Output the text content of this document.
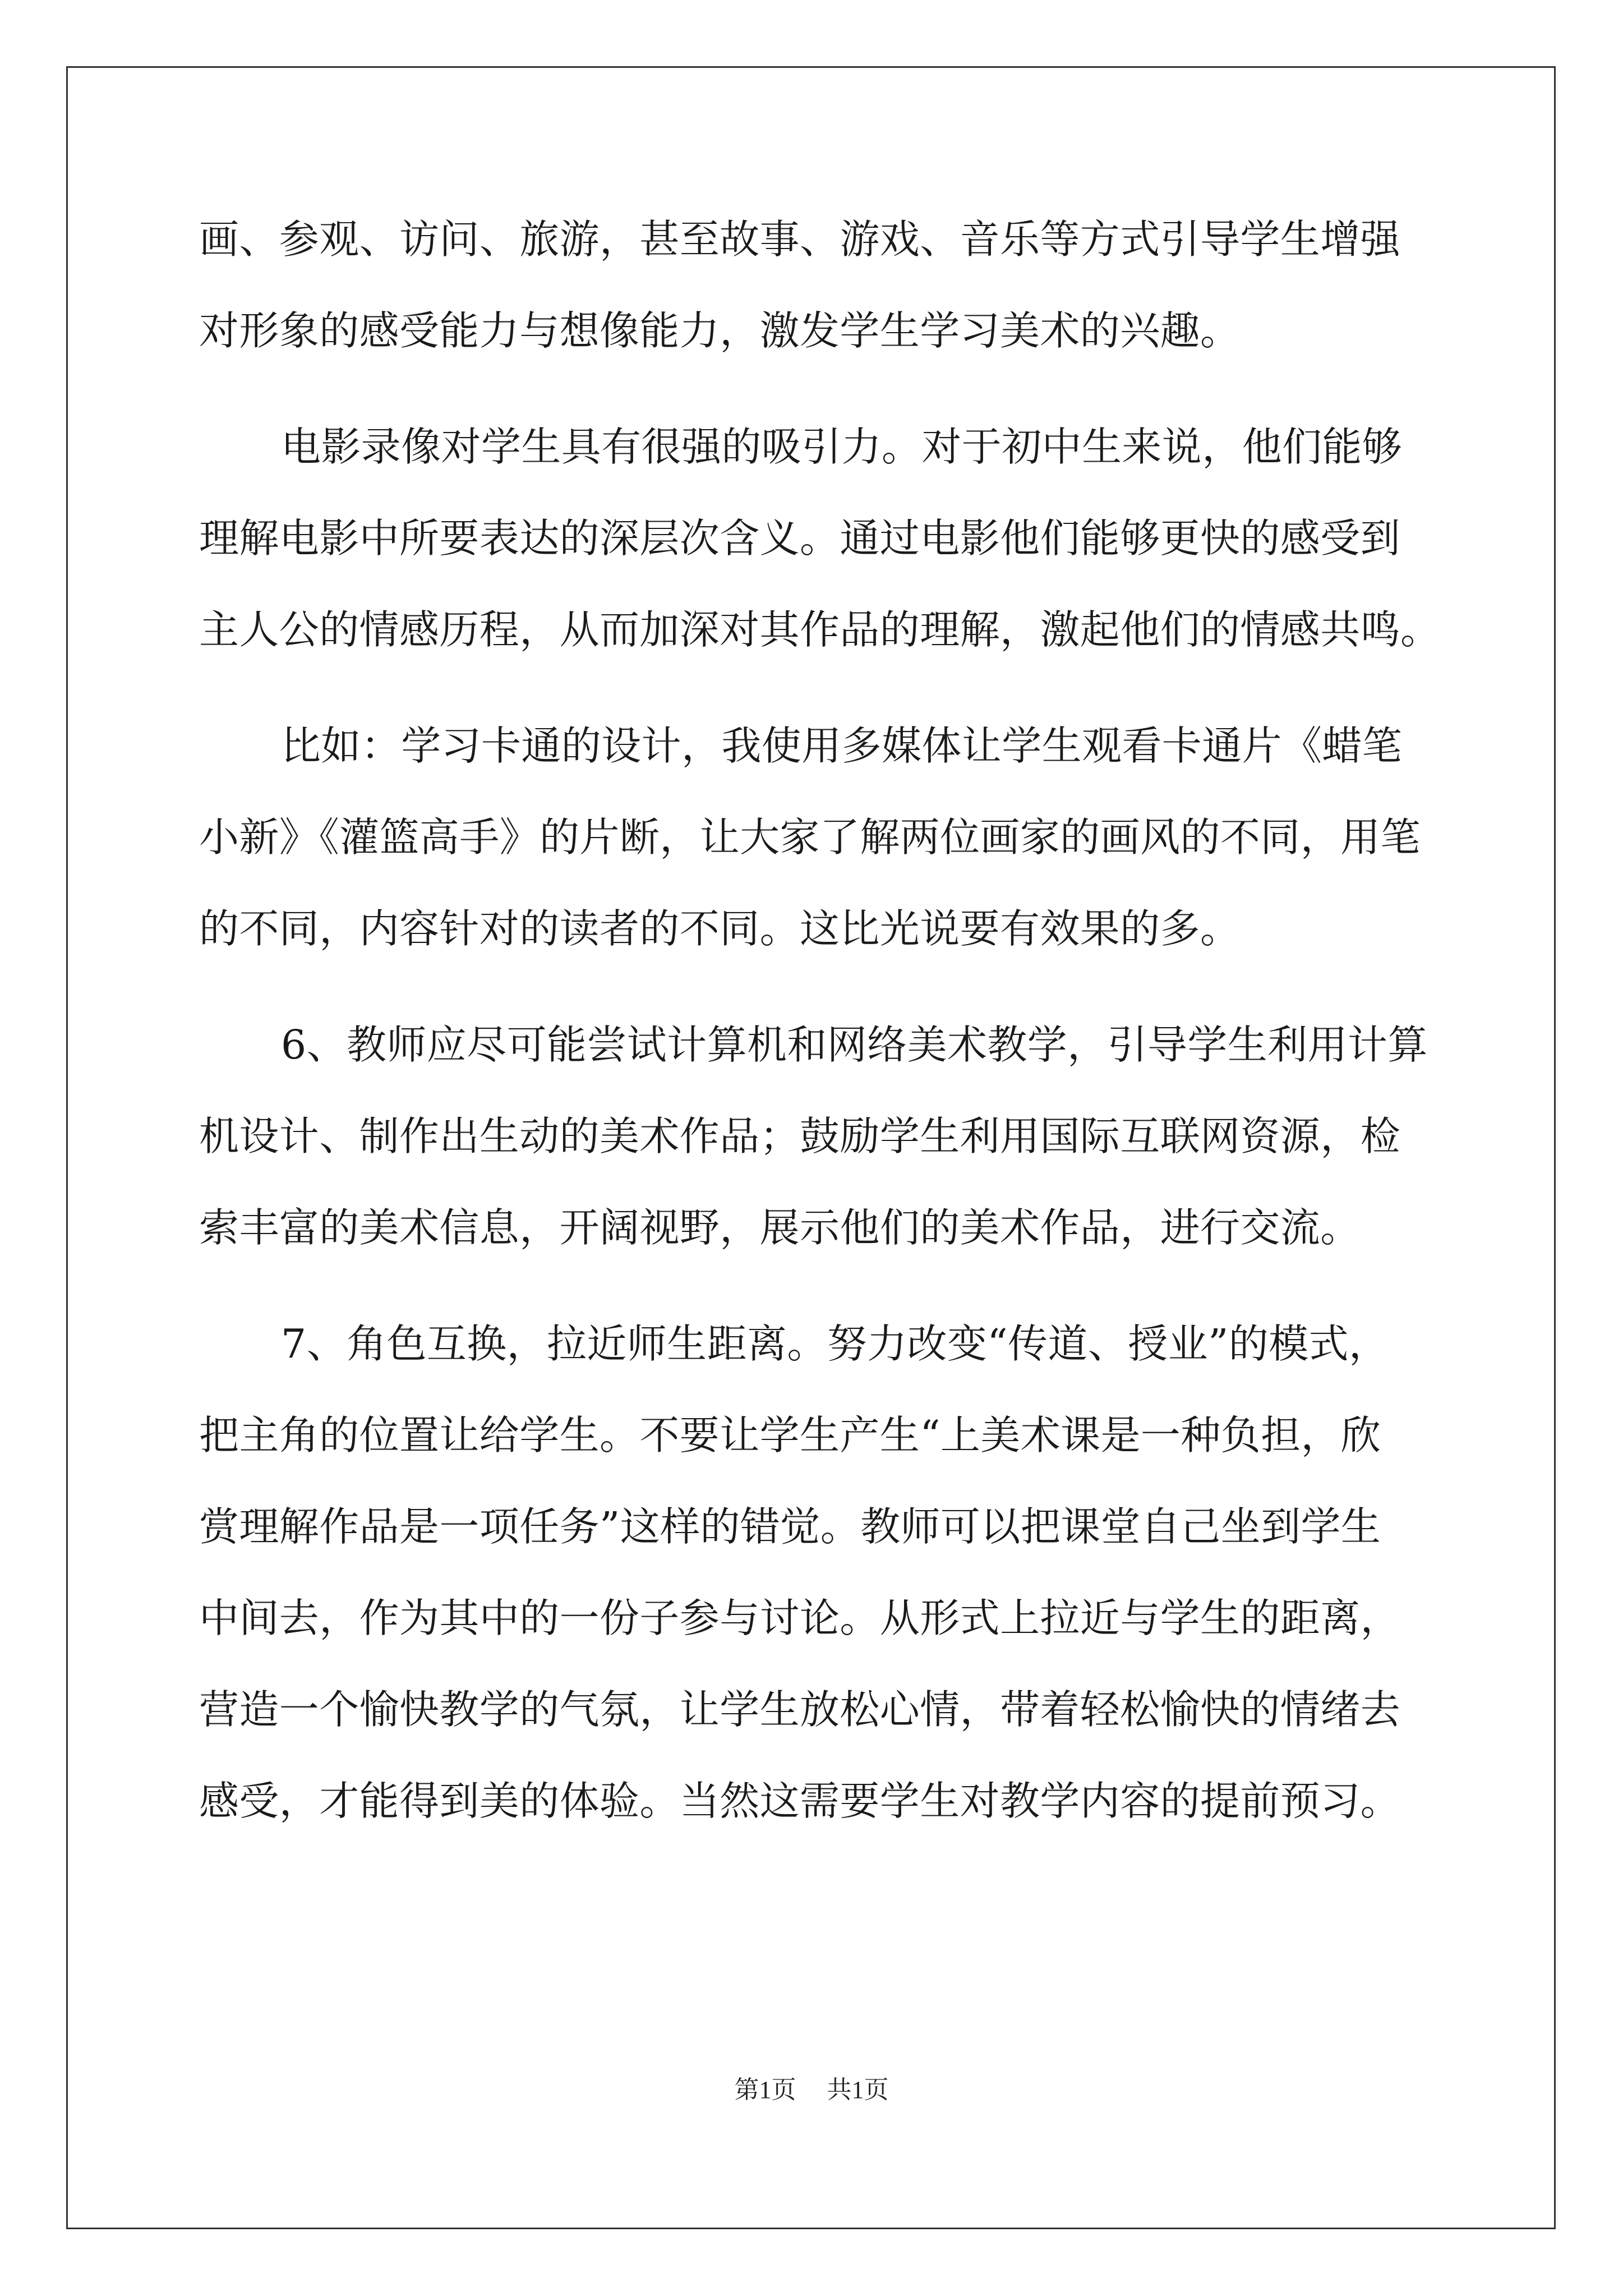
画、参观、访问、旅游，甚至故事、游戏、音乐等方式引导学生增强
对形象的感受能力与想像能力，激发学生学习美术的兴趣。
电影录像对学生具有很强的吸引力。对于初中生来说，他们能够
理解电影中所要表达的深层次含义。通过电影他们能够更快的感受到
主人公的情感历程，从而加深对其作品的理解，激起他们的情感共鸣。
比如：学习卡通的设计，我使用多媒体让学生观看卡通片《蜡笔
小新》《灌篮高手》的片断，让大家了解两位画家的画风的不同，用笔
的不同，内容针对的读者的不同。这比光说要有效果的多。
6、教师应尽可能尝试计算机和网络美术教学，引导学生利用计算
机设计、制作出生动的美术作品；鼓励学生利用国际互联网资源，检
索丰富的美术信息，开阔视野，展示他们的美术作品，进行交流。
7、角色互换，拉近师生距离。努力改变“传道、授业”的模式，
把主角的位置让给学生。不要让学生产生“上美术课是一种负担，欣
赏理解作品是一项任务”这样的错觉。教师可以把课堂自己坐到学生
中间去，作为其中的一份子参与讨论。从形式上拉近与学生的距离，
营造一个愉快教学的气氛，让学生放松心情，带着轻松愉快的情绪去
感受，才能得到美的体验。当然这需要学生对教学内容的提前预习。
第1页 共1页
